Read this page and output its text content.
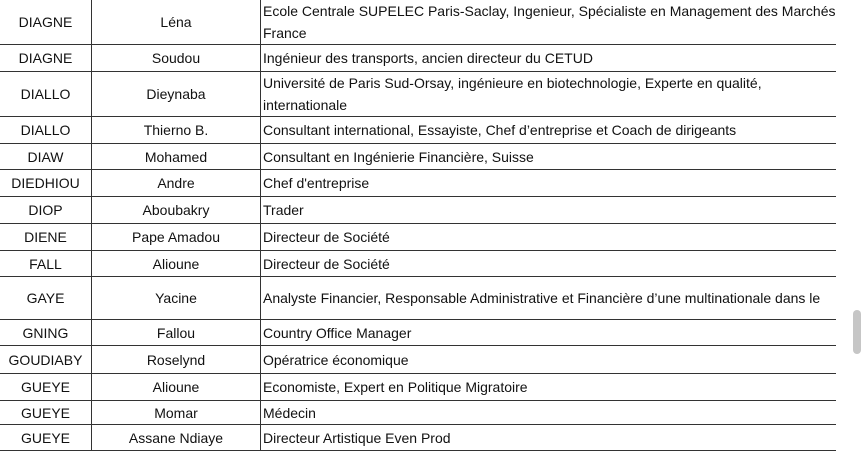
DIAGNE	Léna	Ecole Centrale SUPELEC Paris-Saclay, Ingenieur, Spécialiste en Management des Marchés France
DIAGNE	Soudou	Ingénieur des transports, ancien directeur du CETUD
DIALLO	Dieynaba	Université de Paris Sud-Orsay, ingénieure en biotechnologie, Experte en qualité, internationale
DIALLO	Thierno B.	Consultant international, Essayiste, Chef d’entreprise et Coach de dirigeants
DIAW	Mohamed	Consultant en Ingénierie Financière, Suisse
DIEDHIOU	Andre	Chef d'entreprise
DIOP	Aboubakry	Trader
DIENE	Pape Amadou	Directeur de Société
FALL	Alioune	Directeur de Société
GAYE	Yacine	Analyste Financier, Responsable Administrative et Financière d’une multinationale dans le
GNING	Fallou	Country Office Manager
GOUDIABY	Roselynd	Opératrice économique
GUEYE	Alioune	Economiste, Expert en Politique Migratoire
GUEYE	Momar	Médecin
GUEYE	Assane Ndiaye	Directeur Artistique Even Prod
